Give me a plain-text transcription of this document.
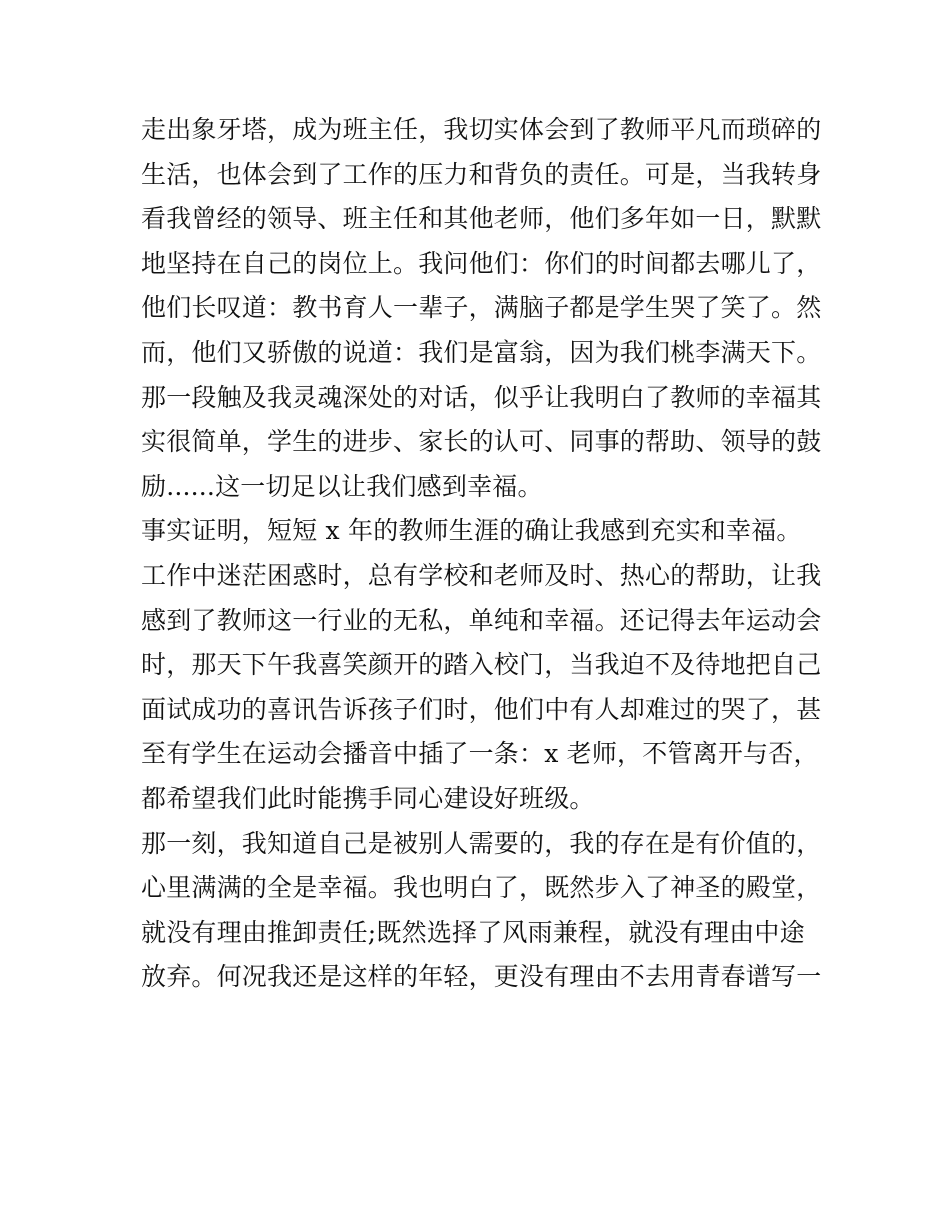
走出象牙塔，成为班主任，我切实体会到了教师平凡而琐碎的
生活，也体会到了工作的压力和背负的责任。可是，当我转身
看我曾经的领导、班主任和其他老师，他们多年如一日，默默
地坚持在自己的岗位上。我问他们：你们的时间都去哪儿了，
他们长叹道：教书育人一辈子，满脑子都是学生哭了笑了。然
而，他们又骄傲的说道：我们是富翁，因为我们桃李满天下。
那一段触及我灵魂深处的对话，似乎让我明白了教师的幸福其
实很简单，学生的进步、家长的认可、同事的帮助、领导的鼓
励......这一切足以让我们感到幸福。
事实证明，短短 x 年的教师生涯的确让我感到充实和幸福。
工作中迷茫困惑时，总有学校和老师及时、热心的帮助，让我
感到了教师这一行业的无私，单纯和幸福。还记得去年运动会
时，那天下午我喜笑颜开的踏入校门，当我迫不及待地把自己
面试成功的喜讯告诉孩子们时，他们中有人却难过的哭了，甚
至有学生在运动会播音中插了一条：x 老师，不管离开与否，
都希望我们此时能携手同心建设好班级。
那一刻，我知道自己是被别人需要的，我的存在是有价值的，
心里满满的全是幸福。我也明白了，既然步入了神圣的殿堂，
就没有理由推卸责任;既然选择了风雨兼程，就没有理由中途
放弃。何况我还是这样的年轻，更没有理由不去用青春谱写一
